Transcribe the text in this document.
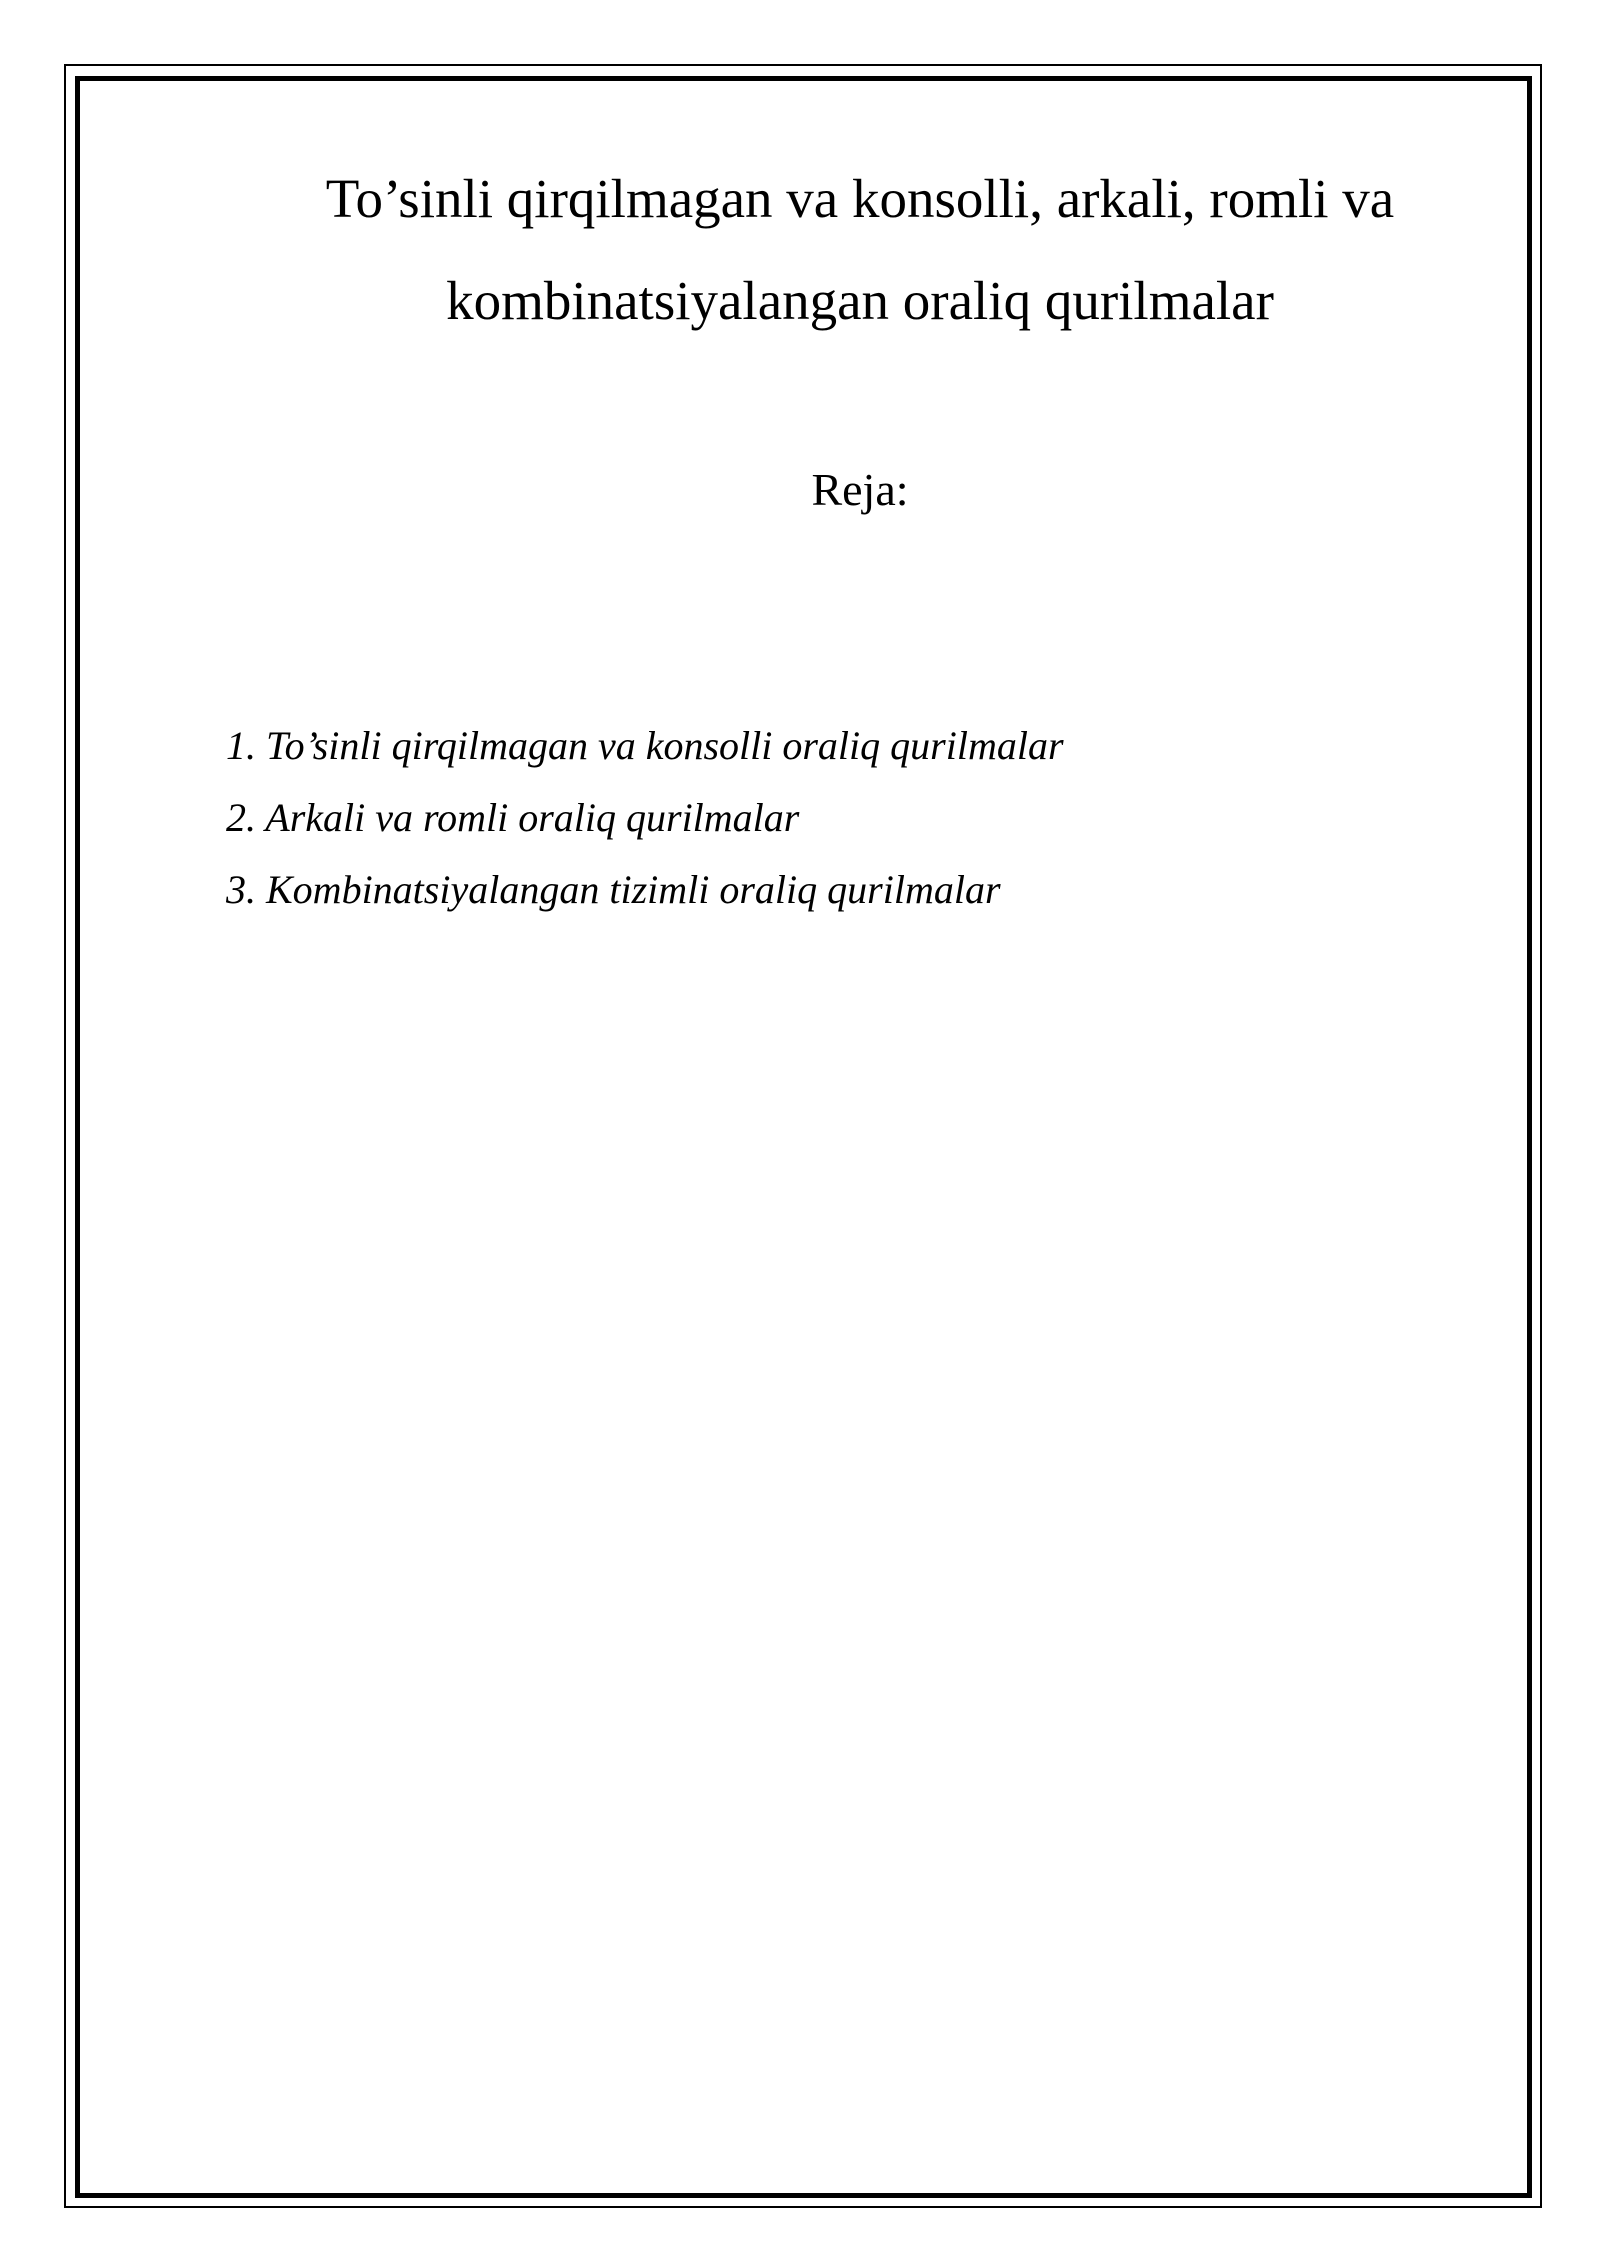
To’sinli qirqilmagan va konsolli, arkali, romli va
kombinatsiyalangan oraliq qurilmalar
Reja:
1. To’sinli qirqilmagan va konsolli oraliq qurilmalar
2. Arkali va romli oraliq qurilmalar
3. Kombinatsiyalangan tizimli oraliq qurilmalar
